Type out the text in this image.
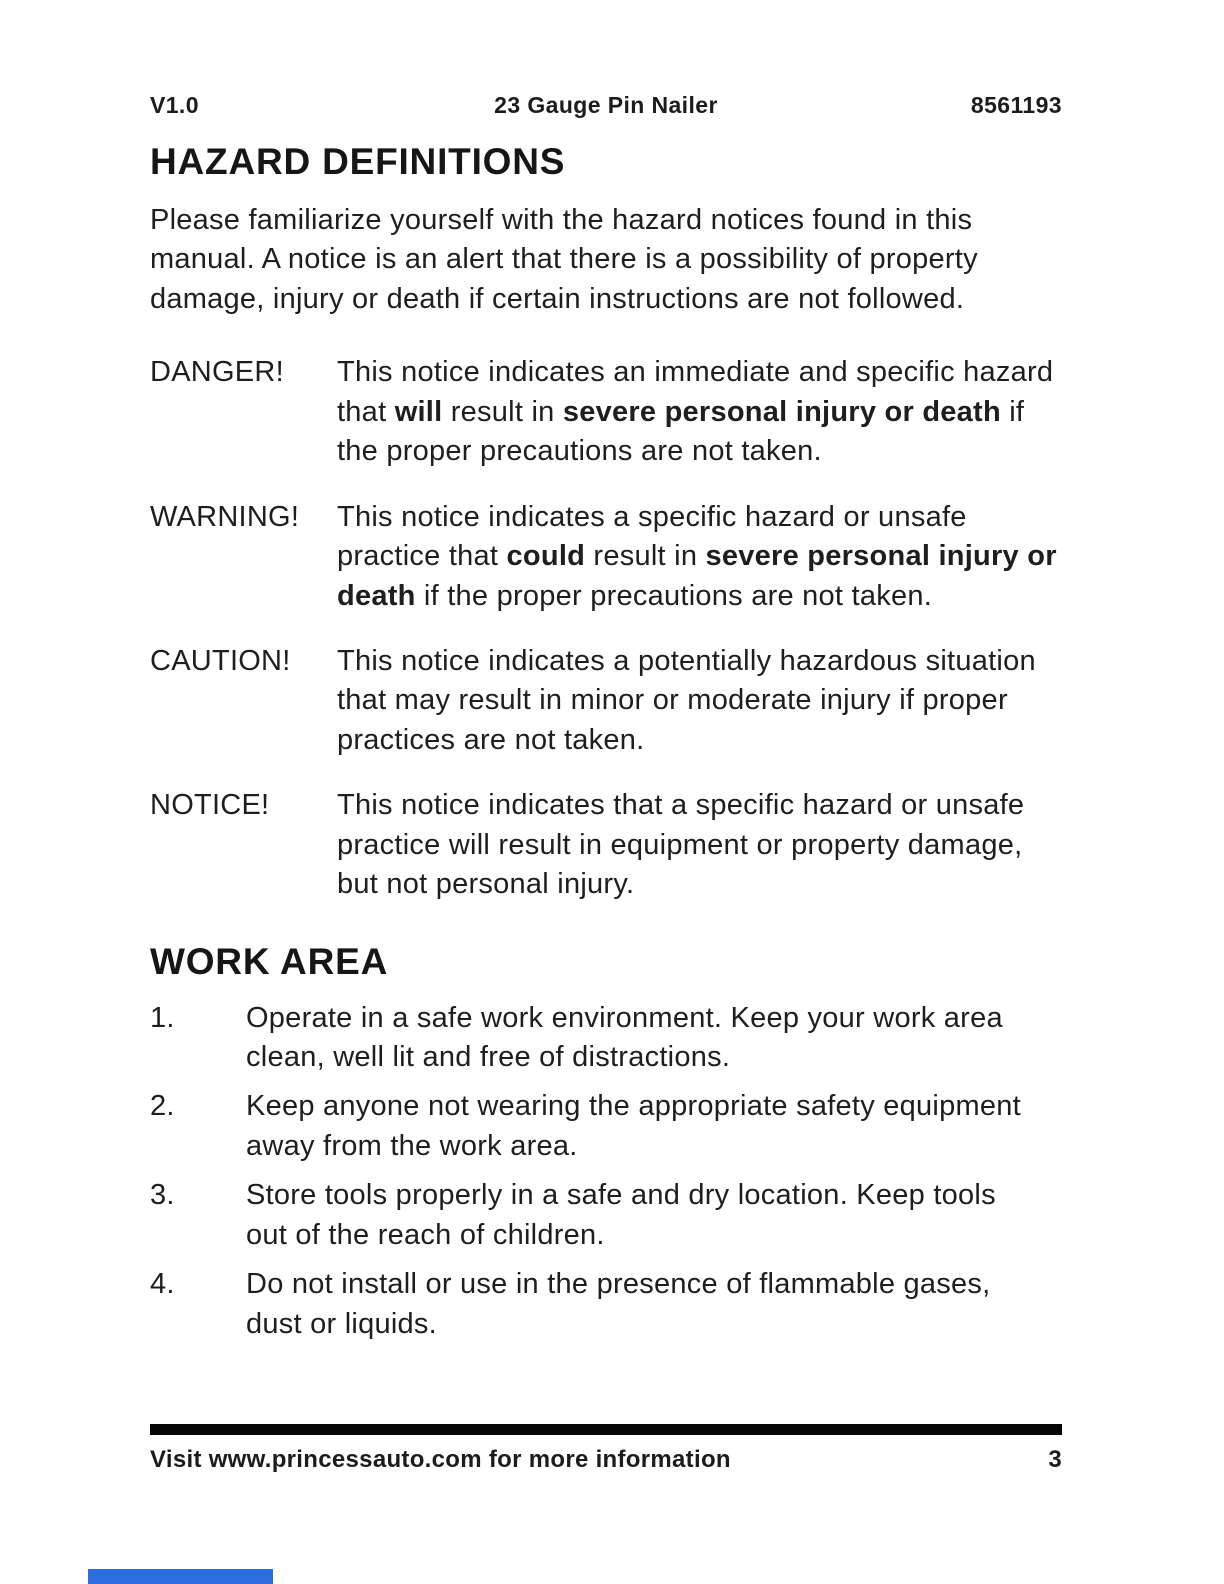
V1.0	23 Gauge Pin Nailer	8561193
HAZARD DEFINITIONS

Please familiarize yourself with the hazard notices found in this manual. A notice is an alert that there is a possibility of property damage, injury or death if certain instructions are not followed.

DANGER!	This notice indicates an immediate and specific hazard that will result in severe personal injury or death if the proper precautions are not taken.
WARNING!	This notice indicates a specific hazard or unsafe practice that could result in severe personal injury or death if the proper precautions are not taken.
CAUTION!	This notice indicates a potentially hazardous situation that may result in minor or moderate injury if proper practices are not taken.
NOTICE!	This notice indicates that a specific hazard or unsafe practice will result in equipment or property damage, but not personal injury.
WORK AREA
1.	Operate in a safe work environment. Keep your work area clean, well lit and free of distractions.
2.	Keep anyone not wearing the appropriate safety equipment away from the work area.
3.	Store tools properly in a safe and dry location. Keep tools out of the reach of children.
4.	Do not install or use in the presence of flammable gases, dust or liquids.
Visit www.princessauto.com for more information	3
